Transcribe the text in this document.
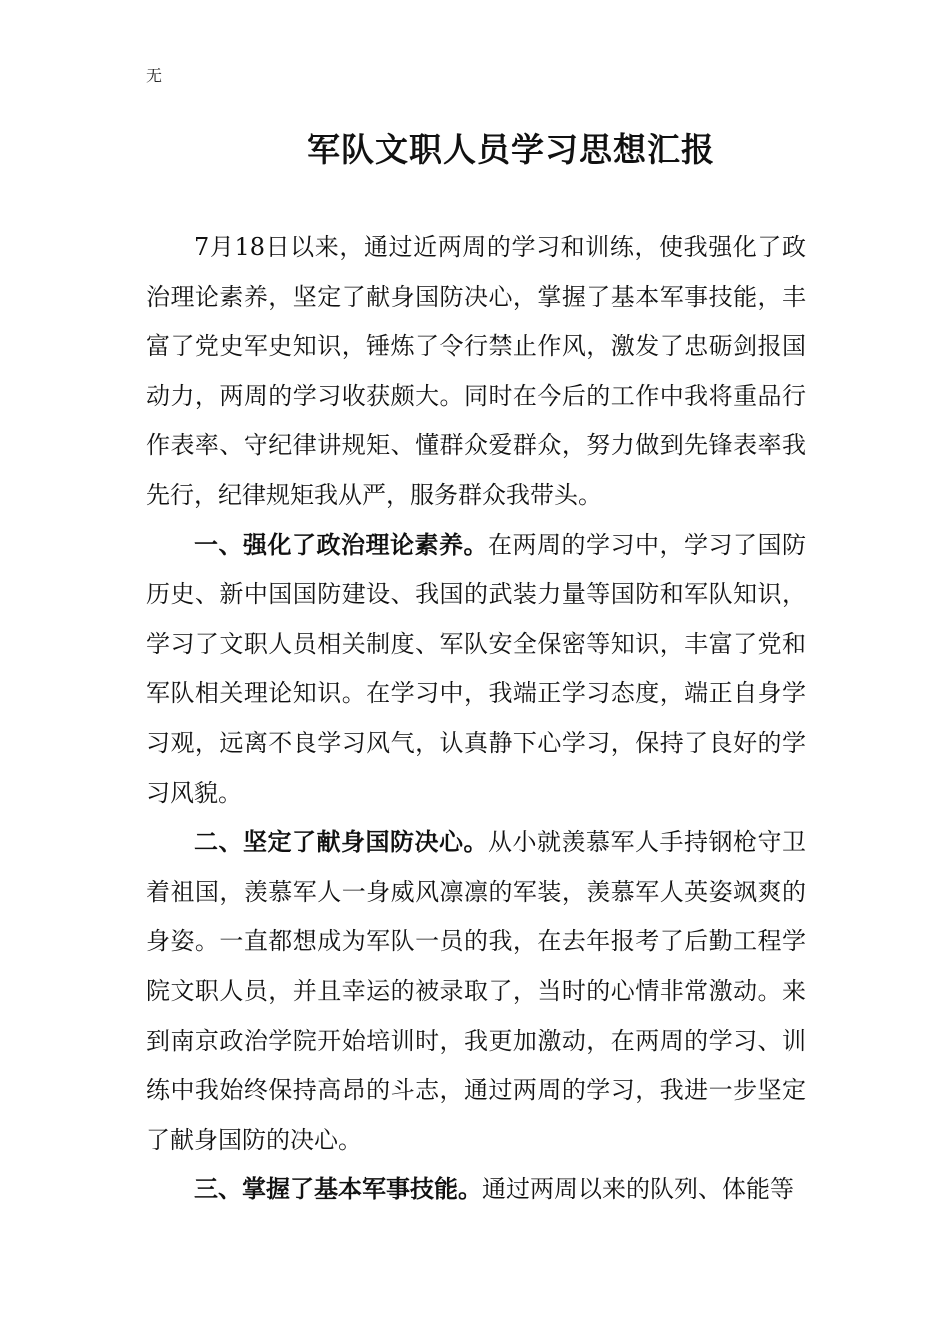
无
军队文职人员学习思想汇报

7月18日以来，通过近两周的学习和训练，使我强化了政治理论素养，坚定了献身国防决心，掌握了基本军事技能，丰富了党史军史知识，锤炼了令行禁止作风，激发了忠砺剑报国动力，两周的学习收获颇大。同时在今后的工作中我将重品行作表率、守纪律讲规矩、懂群众爱群众，努力做到先锋表率我先行，纪律规矩我从严，服务群众我带头。

一、强化了政治理论素养。在两周的学习中，学习了国防历史、新中国国防建设、我国的武装力量等国防和军队知识，学习了文职人员相关制度、军队安全保密等知识，丰富了党和军队相关理论知识。在学习中，我端正学习态度，端正自身学习观，远离不良学习风气，认真静下心学习，保持了良好的学习风貌。

二、坚定了献身国防决心。从小就羡慕军人手持钢枪守卫着祖国，羡慕军人一身威风凛凛的军装，羡慕军人英姿飒爽的身姿。一直都想成为军队一员的我，在去年报考了后勤工程学院文职人员，并且幸运的被录取了，当时的心情非常激动。来到南京政治学院开始培训时，我更加激动，在两周的学习、训练中我始终保持高昂的斗志，通过两周的学习，我进一步坚定了献身国防的决心。

三、掌握了基本军事技能。通过两周以来的队列、体能等
